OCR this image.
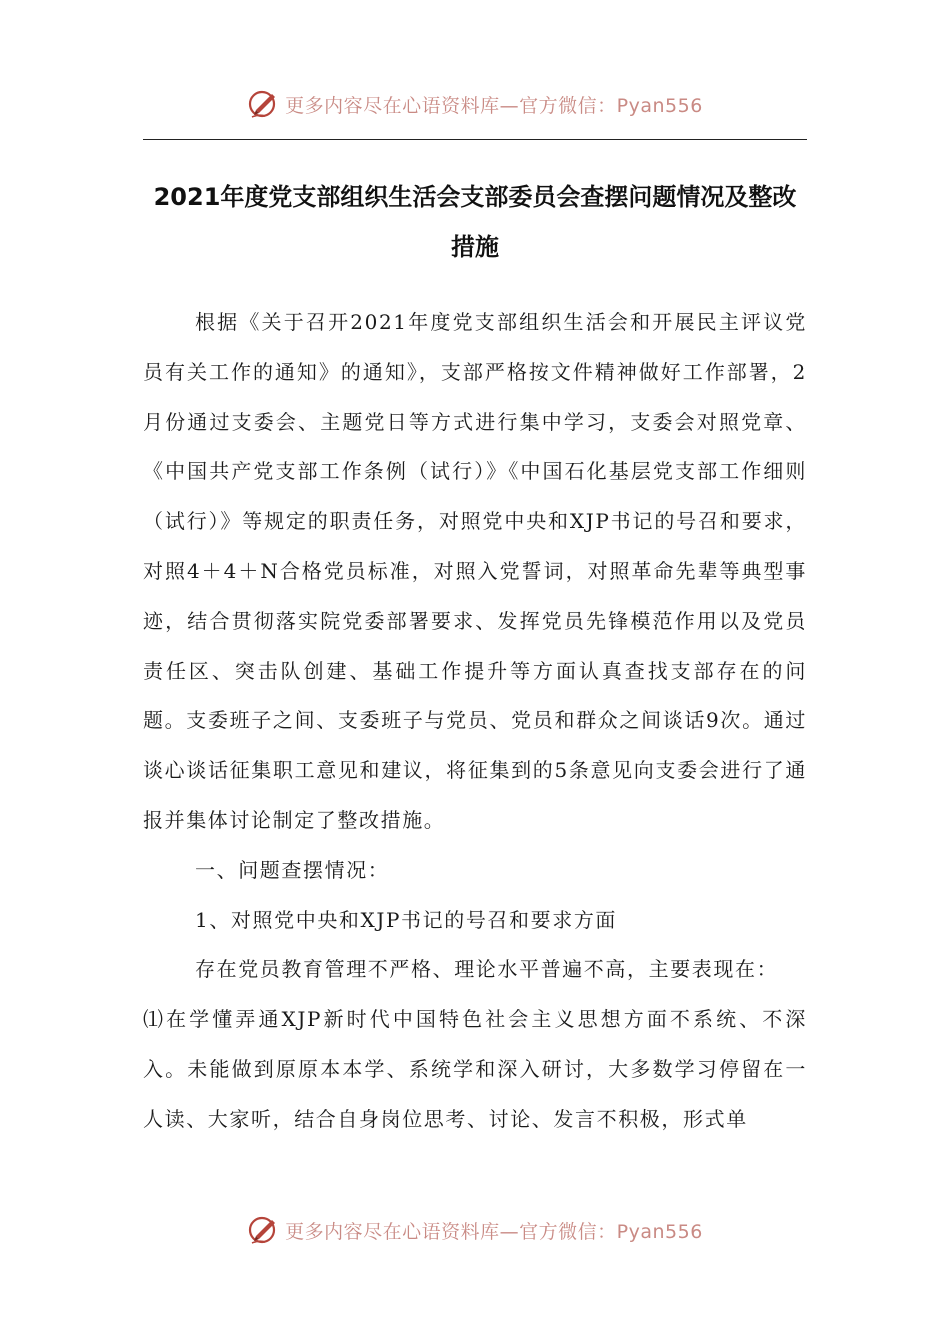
更多内容尽在心语资料库—官方微信：Pyan556
2021年度党支部组织生活会支部委员会查摆问题情况及整改措施

根据《关于召开2021年度党支部组织生活会和开展民主评议党员有关工作的通知》的通知》，支部严格按文件精神做好工作部署，2月份通过支委会、主题党日等方式进行集中学习，支委会对照党章、《中国共产党支部工作条例（试行）》《中国石化基层党支部工作细则（试行）》等规定的职责任务，对照党中央和XJP书记的号召和要求，对照4＋4＋N合格党员标准，对照入党誓词，对照革命先辈等典型事迹，结合贯彻落实院党委部署要求、发挥党员先锋模范作用以及党员责任区、突击队创建、基础工作提升等方面认真查找支部存在的问题。支委班子之间、支委班子与党员、党员和群众之间谈话9次。通过谈心谈话征集职工意见和建议，将征集到的5条意见向支委会进行了通报并集体讨论制定了整改措施。

一、问题查摆情况：

1、对照党中央和XJP书记的号召和要求方面

存在党员教育管理不严格、理论水平普遍不高，主要表现在：

⑴在学懂弄通XJP新时代中国特色社会主义思想方面不系统、不深入。未能做到原原本本学、系统学和深入研讨，大多数学习停留在一人读、大家听，结合自身岗位思考、讨论、发言不积极，形式单

更多内容尽在心语资料库—官方微信：Pyan556
